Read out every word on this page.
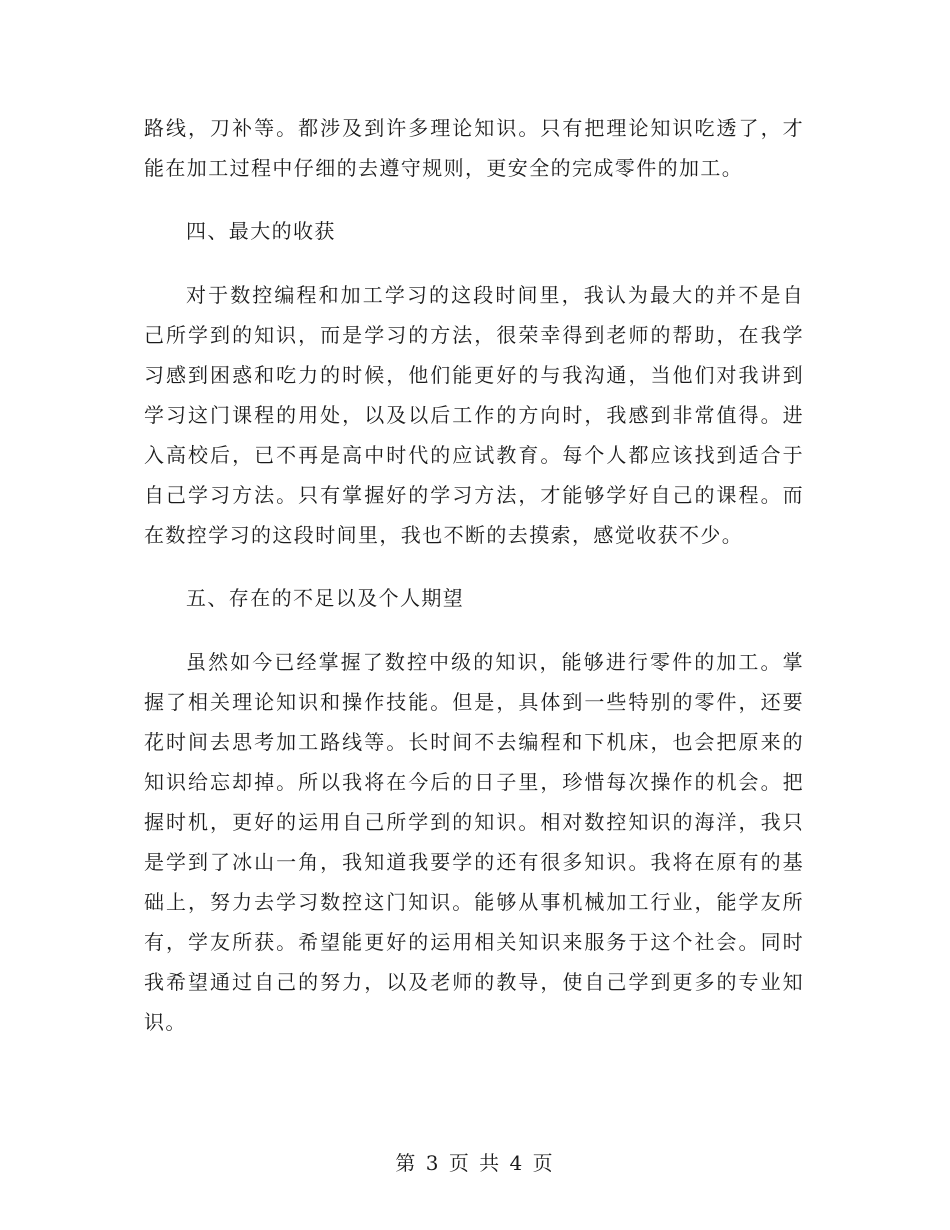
路线，刀补等。都涉及到许多理论知识。只有把理论知识吃透了，才能在加工过程中仔细的去遵守规则，更安全的完成零件的加工。

四、最大的收获

对于数控编程和加工学习的这段时间里，我认为最大的并不是自己所学到的知识，而是学习的方法，很荣幸得到老师的帮助，在我学习感到困惑和吃力的时候，他们能更好的与我沟通，当他们对我讲到学习这门课程的用处，以及以后工作的方向时，我感到非常值得。进入高校后，已不再是高中时代的应试教育。每个人都应该找到适合于自己学习方法。只有掌握好的学习方法，才能够学好自己的课程。而在数控学习的这段时间里，我也不断的去摸索，感觉收获不少。

五、存在的不足以及个人期望

虽然如今已经掌握了数控中级的知识，能够进行零件的加工。掌握了相关理论知识和操作技能。但是，具体到一些特别的零件，还要花时间去思考加工路线等。长时间不去编程和下机床，也会把原来的知识给忘却掉。所以我将在今后的日子里，珍惜每次操作的机会。把握时机，更好的运用自己所学到的知识。相对数控知识的海洋，我只是学到了冰山一角，我知道我要学的还有很多知识。我将在原有的基础上，努力去学习数控这门知识。能够从事机械加工行业，能学友所有，学友所获。希望能更好的运用相关知识来服务于这个社会。同时我希望通过自己的努力，以及老师的教导，使自己学到更多的专业知识。

第 3 页 共 4 页
